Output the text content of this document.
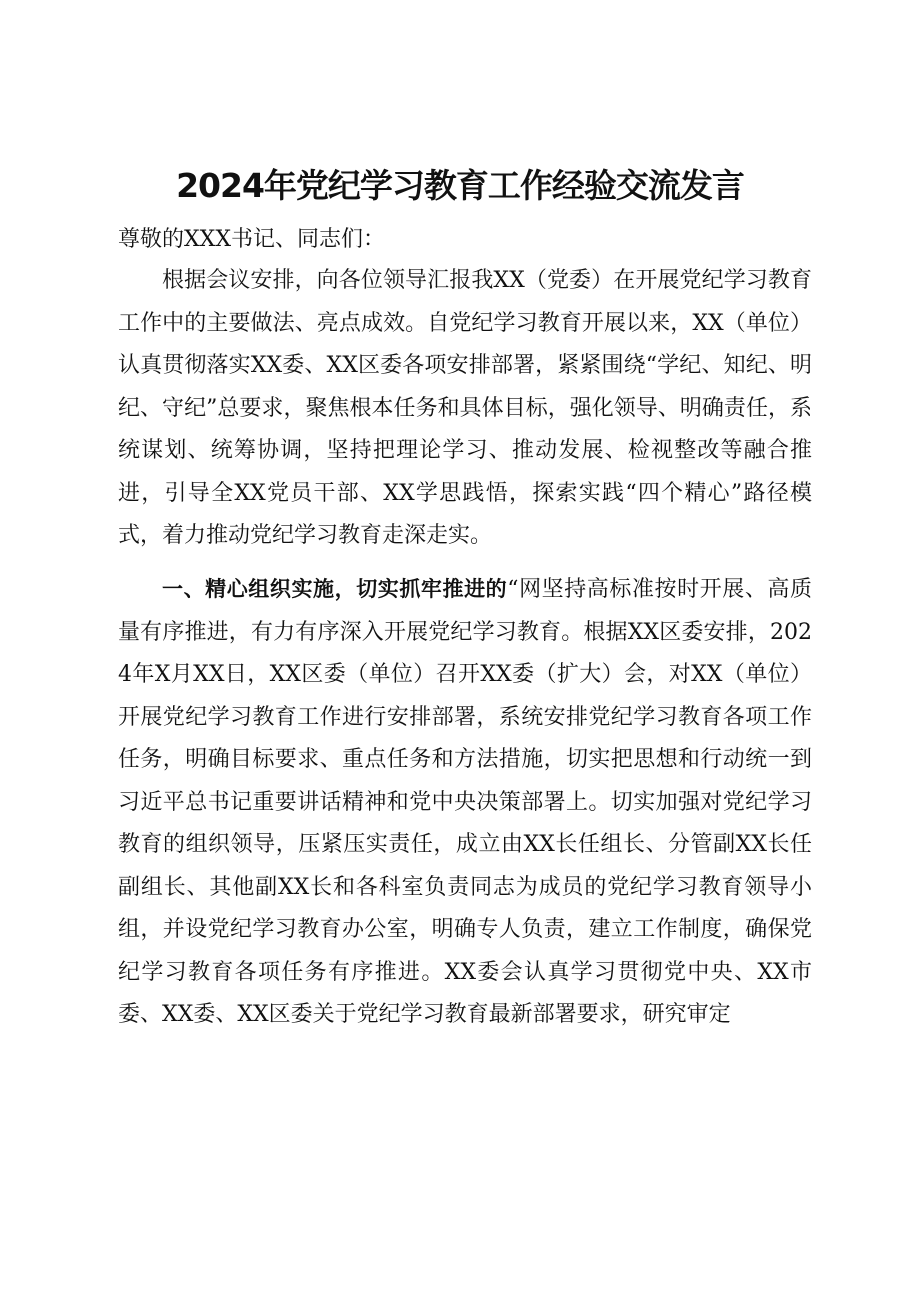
2024年党纪学习教育工作经验交流发言

尊敬的XXX书记、同志们：

根据会议安排，向各位领导汇报我XX（党委）在开展党纪学习教育工作中的主要做法、亮点成效。自党纪学习教育开展以来，XX（单位）认真贯彻落实XX委、XX区委各项安排部署，紧紧围绕“学纪、知纪、明纪、守纪”总要求，聚焦根本任务和具体目标，强化领导、明确责任，系统谋划、统筹协调，坚持把理论学习、推动发展、检视整改等融合推进，引导全XX党员干部、XX学思践悟，探索实践“四个精心”路径模式，着力推动党纪学习教育走深走实。

一、精心组织实施，切实抓牢推进的“网坚持高标准按时开展、高质量有序推进，有力有序深入开展党纪学习教育。根据XX区委安排，2024年X月XX日，XX区委（单位）召开XX委（扩大）会，对XX（单位）开展党纪学习教育工作进行安排部署，系统安排党纪学习教育各项工作任务，明确目标要求、重点任务和方法措施，切实把思想和行动统一到习近平总书记重要讲话精神和党中央决策部署上。切实加强对党纪学习教育的组织领导，压紧压实责任，成立由XX长任组长、分管副XX长任副组长、其他副XX长和各科室负责同志为成员的党纪学习教育领导小组，并设党纪学习教育办公室，明确专人负责，建立工作制度，确保党纪学习教育各项任务有序推进。XX委会认真学习贯彻党中央、XX市委、XX委、XX区委关于党纪学习教育最新部署要求，研究审定
